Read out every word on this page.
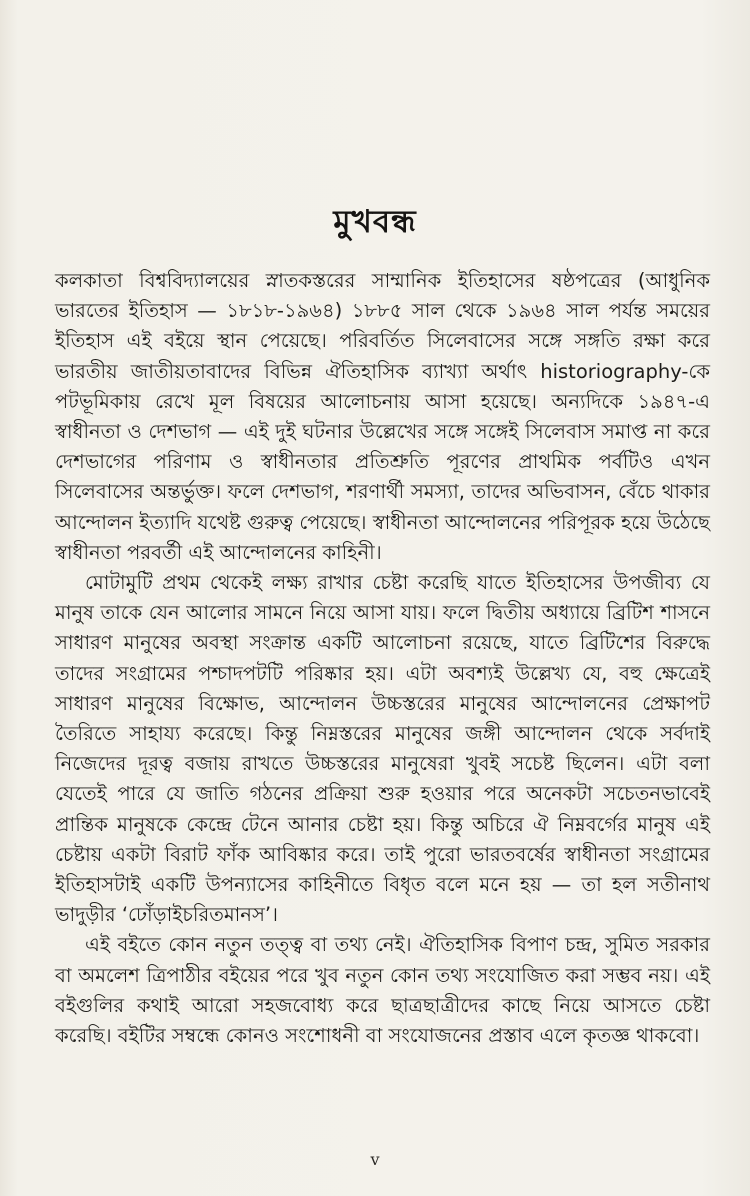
মুখবন্ধ

কলকাতা বিশ্ববিদ্যালয়ের স্নাতকস্তরের সাম্মানিক ইতিহাসের ষষ্ঠপত্রের (আধুনিক ভারতের ইতিহাস — ১৮১৮-১৯৬৪) ১৮৮৫ সাল থেকে ১৯৬৪ সাল পর্যন্ত সময়ের ইতিহাস এই বইয়ে স্থান পেয়েছে। পরিবর্তিত সিলেবাসের সঙ্গে সঙ্গতি রক্ষা করে ভারতীয় জাতীয়তাবাদের বিভিন্ন ঐতিহাসিক ব্যাখ্যা অর্থাৎ historiography-কে পটভূমিকায় রেখে মূল বিষয়ের আলোচনায় আসা হয়েছে। অন্যদিকে ১৯৪৭-এ স্বাধীনতা ও দেশভাগ — এই দুই ঘটনার উল্লেখের সঙ্গে সঙ্গেই সিলেবাস সমাপ্ত না করে দেশভাগের পরিণাম ও স্বাধীনতার প্রতিশ্রুতি পূরণের প্রাথমিক পর্বটিও এখন সিলেবাসের অন্তর্ভুক্ত। ফলে দেশভাগ, শরণার্থী সমস্যা, তাদের অভিবাসন, বেঁচে থাকার আন্দোলন ইত্যাদি যথেষ্ট গুরুত্ব পেয়েছে। স্বাধীনতা আন্দোলনের পরিপূরক হয়ে উঠেছে স্বাধীনতা পরবর্তী এই আন্দোলনের কাহিনী।

মোটামুটি প্রথম থেকেই লক্ষ্য রাখার চেষ্টা করেছি যাতে ইতিহাসের উপজীব্য যে মানুষ তাকে যেন আলোর সামনে নিয়ে আসা যায়। ফলে দ্বিতীয় অধ্যায়ে ব্রিটিশ শাসনে সাধারণ মানুষের অবস্থা সংক্রান্ত একটি আলোচনা রয়েছে, যাতে ব্রিটিশের বিরুদ্ধে তাদের সংগ্রামের পশ্চাদপটটি পরিষ্কার হয়। এটা অবশ্যই উল্লেখ্য যে, বহু ক্ষেত্রেই সাধারণ মানুষের বিক্ষোভ, আন্দোলন উচ্চস্তরের মানুষের আন্দোলনের প্রেক্ষাপট তৈরিতে সাহায্য করেছে। কিন্তু নিম্নস্তরের মানুষের জঙ্গী আন্দোলন থেকে সর্বদাই নিজেদের দূরত্ব বজায় রাখতে উচ্চস্তরের মানুষেরা খুবই সচেষ্ট ছিলেন। এটা বলা যেতেই পারে যে জাতি গঠনের প্রক্রিয়া শুরু হওয়ার পরে অনেকটা সচেতনভাবেই প্রান্তিক মানুষকে কেন্দ্রে টেনে আনার চেষ্টা হয়। কিন্তু অচিরে ঐ নিম্নবর্গের মানুষ এই চেষ্টায় একটা বিরাট ফাঁক আবিষ্কার করে। তাই পুরো ভারতবর্ষের স্বাধীনতা সংগ্রামের ইতিহাসটাই একটি উপন্যাসের কাহিনীতে বিধৃত বলে মনে হয় — তা হল সতীনাথ ভাদুড়ীর ‘ঢোঁড়াইচরিতমানস’।

এই বইতে কোন নতুন তত্ত্ব বা তথ্য নেই। ঐতিহাসিক বিপাণ চন্দ্র, সুমিত সরকার বা অমলেশ ত্রিপাঠীর বইয়ের পরে খুব নতুন কোন তথ্য সংযোজিত করা সম্ভব নয়। এই বইগুলির কথাই আরো সহজবোধ্য করে ছাত্রছাত্রীদের কাছে নিয়ে আসতে চেষ্টা করেছি। বইটির সম্বন্ধে কোনও সংশোধনী বা সংযোজনের প্রস্তাব এলে কৃতজ্ঞ থাকবো।

v
